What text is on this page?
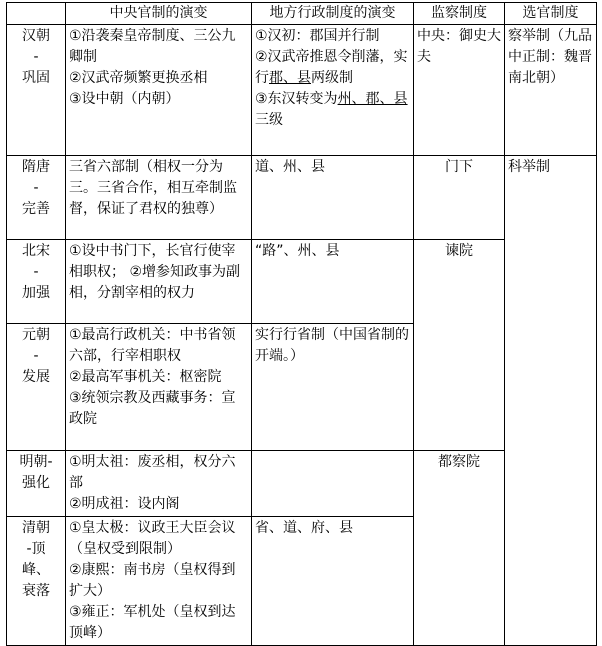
	中央官制的演变	地方行政制度的演变	监察制度	选官制度

汉朝
-
巩固	①沿袭秦皇帝制度、三公九卿制
②汉武帝频繁更换丞相
③设中朝（内朝）	①汉初：郡国并行制
②汉武帝推恩令削藩，实行郡、县两级制
③东汉转变为州、郡、县三级	中央：御史大夫	察举制（九品中正制：魏晋南北朝）

隋唐
-
完善	三省六部制（相权一分为三。三省合作，相互牵制监督，保证了君权的独尊）	道、州、县	门下	科举制

北宋
-
加强	①设中书门下，长官行使宰相职权； ②增参知政事为副相，分割宰相的权力	“路”、州、县	谏院	

元朝
-
发展	①最高行政机关：中书省领六部，行宰相职权
②最高军事机关：枢密院
③统领宗教及西藏事务：宣政院	实行行省制（中国省制的开端。）		

明朝-
强化	①明太祖：废丞相，权分六部
②明成祖：设内阁		都察院	

清朝
-顶
峰、
衰落	①皇太极：议政王大臣会议（皇权受到限制）
②康熙：南书房（皇权得到扩大）
③雍正：军机处（皇权到达顶峰）	省、道、府、县		
